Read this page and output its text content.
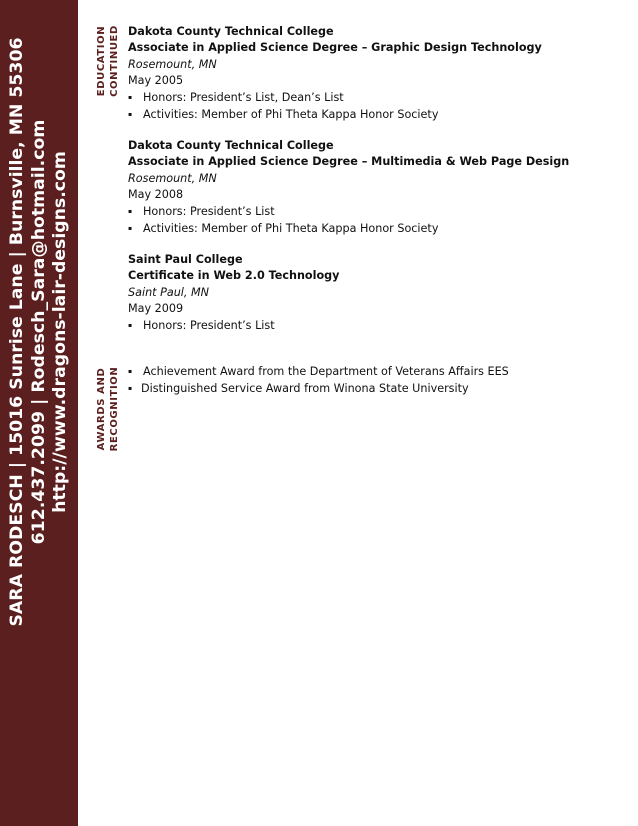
SARA RODESCH | 15016 Sunrise Lane | Burnsville, MN 55306 612.437.2099 | Rodesch_Sara@hotmail.com http://www.dragons-lair-designs.com
EDUCATION CONTINUED
AWARDS AND RECOGNITION
Dakota County Technical College
Associate in Applied Science Degree – Graphic Design Technology
Rosemount, MN
May 2005
▪ Honors: President’s List, Dean’s List
▪ Activities: Member of Phi Theta Kappa Honor Society
Dakota County Technical College
Associate in Applied Science Degree – Multimedia & Web Page Design
Rosemount, MN
May 2008
▪ Honors: President’s List
▪ Activities: Member of Phi Theta Kappa Honor Society
Saint Paul College
Certificate in Web 2.0 Technology
Saint Paul, MN
May 2009
▪ Honors: President’s List
▪ Achievement Award from the Department of Veterans Affairs EES
▪ Distinguished Service Award from Winona State University
